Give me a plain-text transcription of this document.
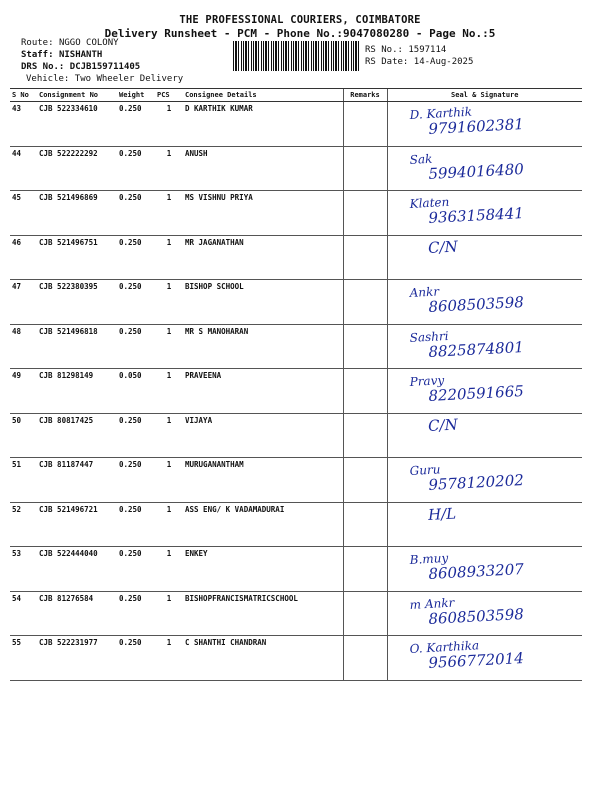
THE PROFESSIONAL COURIERS, COIMBATORE
Delivery Runsheet - PCM - Phone No.:9047080280 - Page No.:5
Route: NGGO COLONY
Staff: NISHANTH
DRS No.: DCJB159711405
Vehicle: Two Wheeler Delivery
RS No.: 1597114
RS Date: 14-Aug-2025
S No	Consignment No	Weight	PCS	Consignee Details	Remarks	Seal & Signature
43	CJB 522334610	0.250	1	D KARTHIK KUMAR		D. Karthik
9791602381

44	CJB 522222292	0.250	1	ANUSH		Sak
5994016480

45	CJB 521496869	0.250	1	MS VISHNU PRIYA		Klaten
9363158441

46	CJB 521496751	0.250	1	MR JAGANATHAN		C/N

47	CJB 522380395	0.250	1	BISHOP SCHOOL		Ankr
8608503598

48	CJB 521496818	0.250	1	MR S MANOHARAN		Sashri
8825874801

49	CJB 81298149	0.050	1	PRAVEENA		Pravy
8220591665

50	CJB 80817425	0.250	1	VIJAYA		C/N

51	CJB 81187447	0.250	1	MURUGANANTHAM		Guru
9578120202

52	CJB 521496721	0.250	1	ASS ENG/ K VADAMADURAI		H/L

53	CJB 522444040	0.250	1	ENKEY		B.muy
8608933207

54	CJB 81276584	0.250	1	BISHOPFRANCISMATRICSCHOOL		m Ankr
8608503598

55	CJB 522231977	0.250	1	C SHANTHI CHANDRAN		O. Karthika
9566772014
